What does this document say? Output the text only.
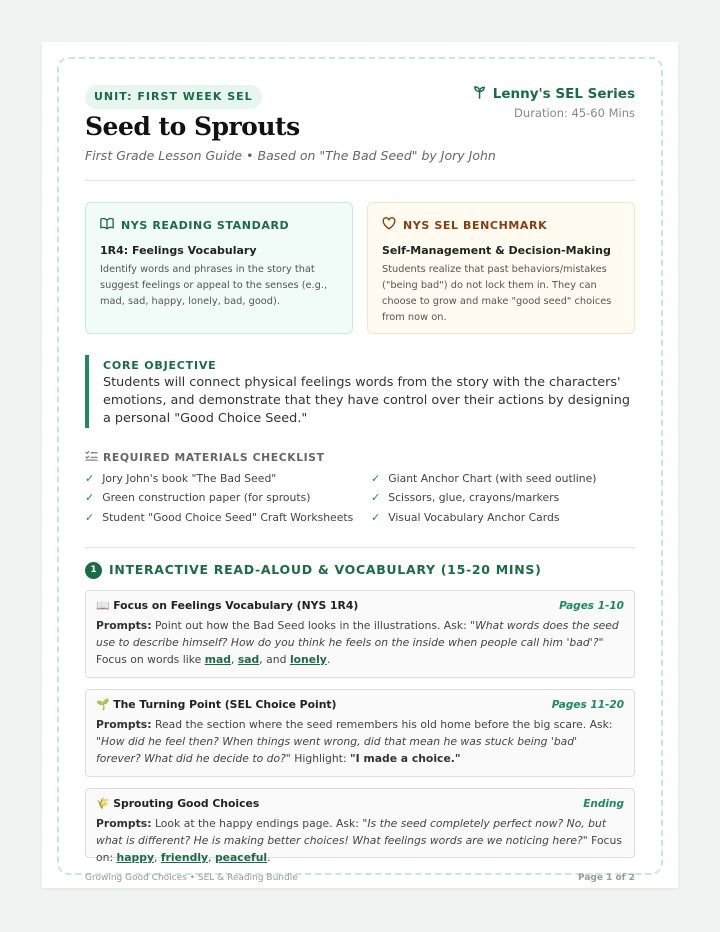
UNIT: FIRST WEEK SEL	Lenny's SEL Series
Duration: 45-60 Mins
Seed to Sprouts
First Grade Lesson Guide • Based on "The Bad Seed" by Jory John
NYS READING STANDARD
1R4: Feelings Vocabulary
Identify words and phrases in the story that suggest feelings or appeal to the senses (e.g., mad, sad, happy, lonely, bad, good).
NYS SEL BENCHMARK
Self-Management & Decision-Making
Students realize that past behaviors/mistakes ("being bad") do not lock them in. They can choose to grow and make "good seed" choices from now on.
CORE OBJECTIVE
Students will connect physical feelings words from the story with the characters' emotions, and demonstrate that they have control over their actions by designing a personal "Good Choice Seed."
REQUIRED MATERIALS CHECKLIST
✓ Jory John's book "The Bad Seed"
✓ Green construction paper (for sprouts)
✓ Student "Good Choice Seed" Craft Worksheets
✓ Giant Anchor Chart (with seed outline)
✓ Scissors, glue, crayons/markers
✓ Visual Vocabulary Anchor Cards
1 INTERACTIVE READ-ALOUD & VOCABULARY (15-20 MINS)
📖 Focus on Feelings Vocabulary (NYS 1R4)	Pages 1-10
Prompts: Point out how the Bad Seed looks in the illustrations. Ask: "What words does the seed use to describe himself? How do you think he feels on the inside when people call him 'bad'?" Focus on words like mad, sad, and lonely.
🌱 The Turning Point (SEL Choice Point)	Pages 11-20
Prompts: Read the section where the seed remembers his old home before the big scare. Ask: "How did he feel then? When things went wrong, did that mean he was stuck being 'bad' forever? What did he decide to do?" Highlight: "I made a choice."
🌾 Sprouting Good Choices	Ending
Prompts: Look at the happy endings page. Ask: "Is the seed completely perfect now? No, but what is different? He is making better choices! What feelings words are we noticing here?" Focus on: happy, friendly, peaceful.
Growing Good Choices • SEL & Reading Bundle	Page 1 of 2
